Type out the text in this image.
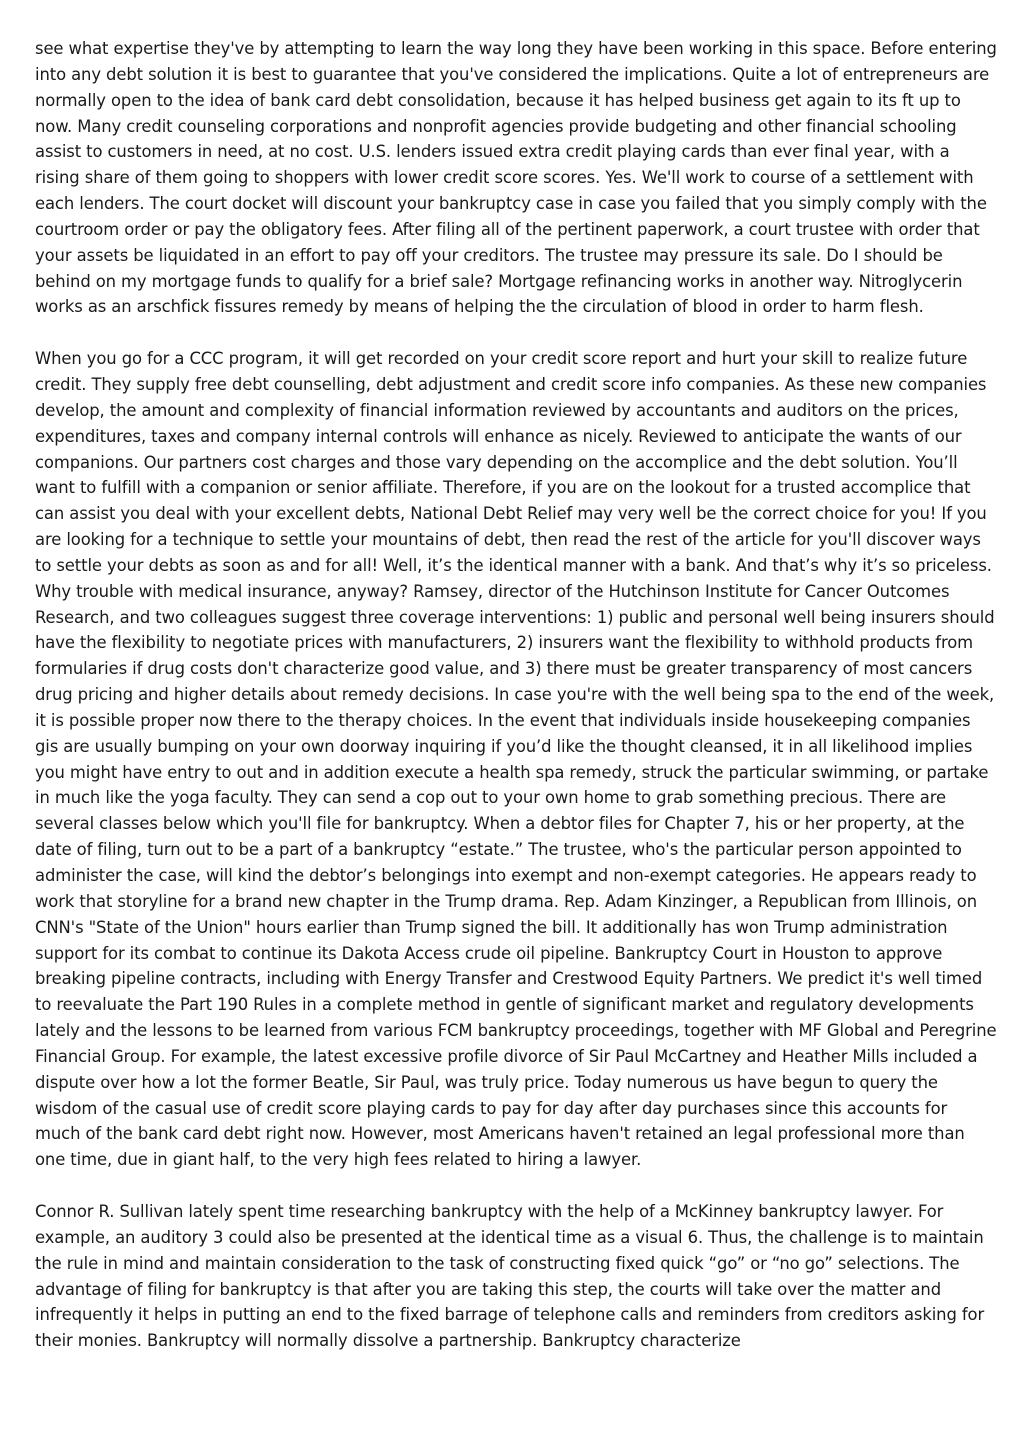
see what expertise they've by attempting to learn the way long they have been working in this space. Before entering into any debt solution it is best to guarantee that you've considered the implications. Quite a lot of entrepreneurs are normally open to the idea of bank card debt consolidation, because it has helped business get again to its ft up to now. Many credit counseling corporations and nonprofit agencies provide budgeting and other financial schooling assist to customers in need, at no cost. U.S. lenders issued extra credit playing cards than ever final year, with a rising share of them going to shoppers with lower credit score scores. Yes. We'll work to course of a settlement with each lenders. The court docket will discount your bankruptcy case in case you failed that you simply comply with the courtroom order or pay the obligatory fees. After filing all of the pertinent paperwork, a court trustee with order that your assets be liquidated in an effort to pay off your creditors. The trustee may pressure its sale. Do I should be behind on my mortgage funds to qualify for a brief sale? Mortgage refinancing works in another way. Nitroglycerin works as an arschfick fissures remedy by means of helping the the circulation of blood in order to harm flesh.

When you go for a CCC program, it will get recorded on your credit score report and hurt your skill to realize future credit. They supply free debt counselling, debt adjustment and credit score info companies. As these new companies develop, the amount and complexity of financial information reviewed by accountants and auditors on the prices, expenditures, taxes and company internal controls will enhance as nicely. Reviewed to anticipate the wants of our companions. Our partners cost charges and those vary depending on the accomplice and the debt solution. You’ll want to fulfill with a companion or senior affiliate. Therefore, if you are on the lookout for a trusted accomplice that can assist you deal with your excellent debts, National Debt Relief may very well be the correct choice for you! If you are looking for a technique to settle your mountains of debt, then read the rest of the article for you'll discover ways to settle your debts as soon as and for all! Well, it’s the identical manner with a bank. And that’s why it’s so priceless. Why trouble with medical insurance, anyway? Ramsey, director of the Hutchinson Institute for Cancer Outcomes Research, and two colleagues suggest three coverage interventions: 1) public and personal well being insurers should have the flexibility to negotiate prices with manufacturers, 2) insurers want the flexibility to withhold products from formularies if drug costs don't characterize good value, and 3) there must be greater transparency of most cancers drug pricing and higher details about remedy decisions. In case you're with the well being spa to the end of the week, it is possible proper now there to the therapy choices. In the event that individuals inside housekeeping companies gis are usually bumping on your own doorway inquiring if you’d like the thought cleansed, it in all likelihood implies you might have entry to out and in addition execute a health spa remedy, struck the particular swimming, or partake in much like the yoga faculty. They can send a cop out to your own home to grab something precious. There are several classes below which you'll file for bankruptcy. When a debtor files for Chapter 7, his or her property, at the date of filing, turn out to be a part of a bankruptcy “estate.” The trustee, who's the particular person appointed to administer the case, will kind the debtor’s belongings into exempt and non-exempt categories. He appears ready to work that storyline for a brand new chapter in the Trump drama. Rep. Adam Kinzinger, a Republican from Illinois, on CNN's "State of the Union" hours earlier than Trump signed the bill. It additionally has won Trump administration support for its combat to continue its Dakota Access crude oil pipeline. Bankruptcy Court in Houston to approve breaking pipeline contracts, including with Energy Transfer and Crestwood Equity Partners. We predict it's well timed to reevaluate the Part 190 Rules in a complete method in gentle of significant market and regulatory developments lately and the lessons to be learned from various FCM bankruptcy proceedings, together with MF Global and Peregrine Financial Group. For example, the latest excessive profile divorce of Sir Paul McCartney and Heather Mills included a dispute over how a lot the former Beatle, Sir Paul, was truly price. Today numerous us have begun to query the wisdom of the casual use of credit score playing cards to pay for day after day purchases since this accounts for much of the bank card debt right now. However, most Americans haven't retained an legal professional more than one time, due in giant half, to the very high fees related to hiring a lawyer.

Connor R. Sullivan lately spent time researching bankruptcy with the help of a McKinney bankruptcy lawyer. For example, an auditory 3 could also be presented at the identical time as a visual 6. Thus, the challenge is to maintain the rule in mind and maintain consideration to the task of constructing fixed quick “go” or “no go” selections. The advantage of filing for bankruptcy is that after you are taking this step, the courts will take over the matter and infrequently it helps in putting an end to the fixed barrage of telephone calls and reminders from creditors asking for their monies. Bankruptcy will normally dissolve a partnership. Bankruptcy characterize
